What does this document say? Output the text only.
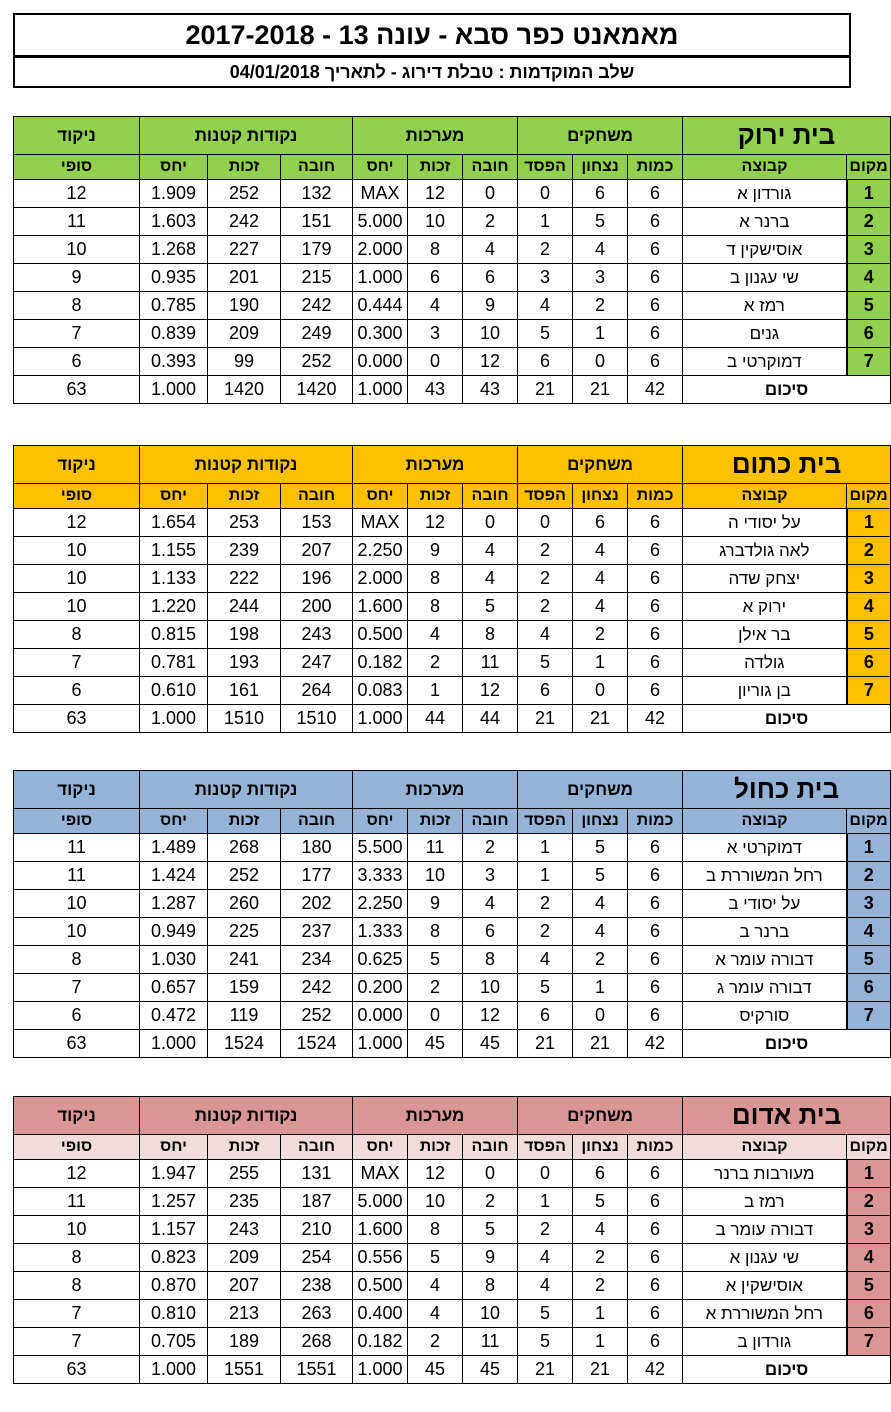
מאמאנט כפר סבא - עונה 13 - 2017-2018
שלב המוקדמות : טבלת דירוג - לתאריך 04/01/2018
בית ירוק		משחקים			מערכות			נקודות קטנות			ניקוד
מקום	קבוצה	כמות	נצחון	הפסד	חובה	זכות	יחס	חובה	זכות	יחס	סופי
1	גורדון א	6	6	0	0	12	MAX	132	252	1.909	12
2	ברנר א	6	5	1	2	10	5.000	151	242	1.603	11
3	אוסישקין ד	6	4	2	4	8	2.000	179	227	1.268	10
4	שי עגנון ב	6	3	3	6	6	1.000	215	201	0.935	9
5	רמז א	6	2	4	9	4	0.444	242	190	0.785	8
6	גנים	6	1	5	10	3	0.300	249	209	0.839	7
7	דמוקרטי ב	6	0	6	12	0	0.000	252	99	0.393	6
סיכום		42	21	21	43	43	1.000	1420	1420	1.000	63
בית כתום		משחקים			מערכות			נקודות קטנות			ניקוד
מקום	קבוצה	כמות	נצחון	הפסד	חובה	זכות	יחס	חובה	זכות	יחס	סופי
1	על יסודי ה	6	6	0	0	12	MAX	153	253	1.654	12
2	לאה גולדברג	6	4	2	4	9	2.250	207	239	1.155	10
3	יצחק שדה	6	4	2	4	8	2.000	196	222	1.133	10
4	ירוק א	6	4	2	5	8	1.600	200	244	1.220	10
5	בר אילן	6	2	4	8	4	0.500	243	198	0.815	8
6	גולדה	6	1	5	11	2	0.182	247	193	0.781	7
7	בן גוריון	6	0	6	12	1	0.083	264	161	0.610	6
סיכום		42	21	21	44	44	1.000	1510	1510	1.000	63
בית כחול		משחקים			מערכות			נקודות קטנות			ניקוד
מקום	קבוצה	כמות	נצחון	הפסד	חובה	זכות	יחס	חובה	זכות	יחס	סופי
1	דמוקרטי א	6	5	1	2	11	5.500	180	268	1.489	11
2	רחל המשוררת ב	6	5	1	3	10	3.333	177	252	1.424	11
3	על יסודי ב	6	4	2	4	9	2.250	202	260	1.287	10
4	ברנר ב	6	4	2	6	8	1.333	237	225	0.949	10
5	דבורה עומר א	6	2	4	8	5	0.625	234	241	1.030	8
6	דבורה עומר ג	6	1	5	10	2	0.200	242	159	0.657	7
7	סורקיס	6	0	6	12	0	0.000	252	119	0.472	6
סיכום		42	21	21	45	45	1.000	1524	1524	1.000	63
בית אדום		משחקים			מערכות			נקודות קטנות			ניקוד
מקום	קבוצה	כמות	נצחון	הפסד	חובה	זכות	יחס	חובה	זכות	יחס	סופי
1	מעורבות ברנר	6	6	0	0	12	MAX	131	255	1.947	12
2	רמז ב	6	5	1	2	10	5.000	187	235	1.257	11
3	דבורה עומר ב	6	4	2	5	8	1.600	210	243	1.157	10
4	שי עגנון א	6	2	4	9	5	0.556	254	209	0.823	8
5	אוסישקין א	6	2	4	8	4	0.500	238	207	0.870	8
6	רחל המשוררת א	6	1	5	10	4	0.400	263	213	0.810	7
7	גורדון ב	6	1	5	11	2	0.182	268	189	0.705	7
סיכום		42	21	21	45	45	1.000	1551	1551	1.000	63
